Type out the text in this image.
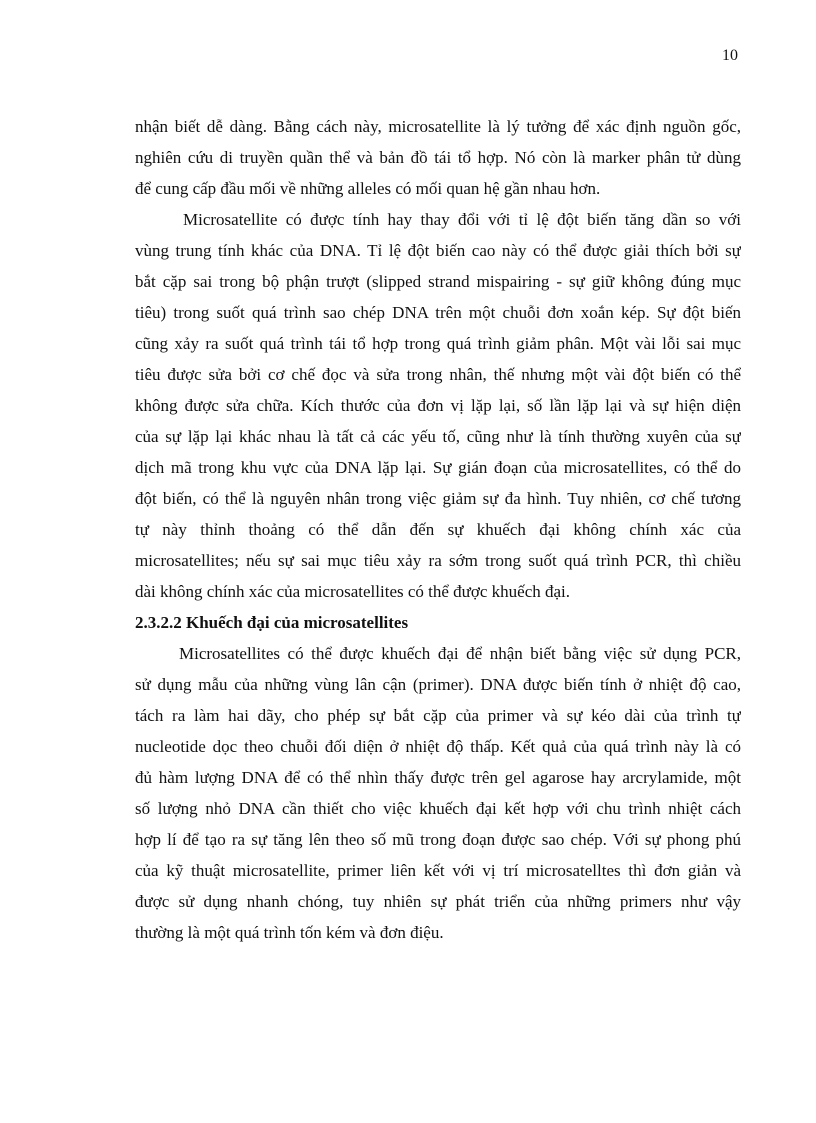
10
nhận biết dễ dàng. Bằng cách này, microsatellite là lý tưởng để xác định nguồn gốc,
nghiên cứu di truyền quần thể và bản đồ tái tổ hợp. Nó còn là marker phân tử dùng
để cung cấp đầu mối về những alleles có mối quan hệ gần nhau hơn.
Microsatellite có được tính hay thay đổi với tỉ lệ đột biến tăng dần so với
vùng trung tính khác của DNA. Tỉ lệ đột biến cao này có thể được giải thích bởi sự
bắt cặp sai trong bộ phận trượt (slipped strand mispairing - sự giữ không đúng mục
tiêu) trong suốt quá trình sao chép DNA trên một chuỗi đơn xoắn kép. Sự đột biến
cũng xảy ra suốt quá trình tái tổ hợp trong quá trình giảm phân. Một vài lỗi sai mục
tiêu được sửa bởi cơ chế đọc và sửa trong nhân, thế nhưng một vài đột biến có thể
không được sửa chữa. Kích thước của đơn vị lặp lại, số lần lặp lại và sự hiện diện
của sự lặp lại khác nhau là tất cả các yếu tố, cũng như là tính thường xuyên của sự
dịch mã trong khu vực của DNA lặp lại. Sự gián đoạn của microsatellites, có thể do
đột biến, có thể là nguyên nhân trong việc giảm sự đa hình. Tuy nhiên, cơ chế tương
tự này thỉnh thoảng có thể dẫn đến sự khuếch đại không chính xác của
microsatellites; nếu sự sai mục tiêu xảy ra sớm trong suốt quá trình PCR, thì chiều
dài không chính xác của microsatellites có thể được khuếch đại.
2.3.2.2 Khuếch đại của microsatellites
Microsatellites có thể được khuếch đại để nhận biết bằng việc sử dụng PCR,
sử dụng mẫu của những vùng lân cận (primer). DNA được biến tính ở nhiệt độ cao,
tách ra làm hai dãy, cho phép sự bắt cặp của primer và sự kéo dài của trình tự
nucleotide dọc theo chuỗi đối diện ở nhiệt độ thấp. Kết quả của quá trình này là có
đủ hàm lượng DNA để có thể nhìn thấy được trên gel agarose hay arcrylamide, một
số lượng nhỏ DNA cần thiết cho việc khuếch đại kết hợp với chu trình nhiệt cách
hợp lí để tạo ra sự tăng lên theo số mũ trong đoạn được sao chép. Với sự phong phú
của kỹ thuật microsatellite, primer liên kết với vị trí microsatelltes thì đơn giản và
được sử dụng nhanh chóng, tuy nhiên sự phát triển của những primers như vậy
thường là một quá trình tốn kém và đơn điệu.
